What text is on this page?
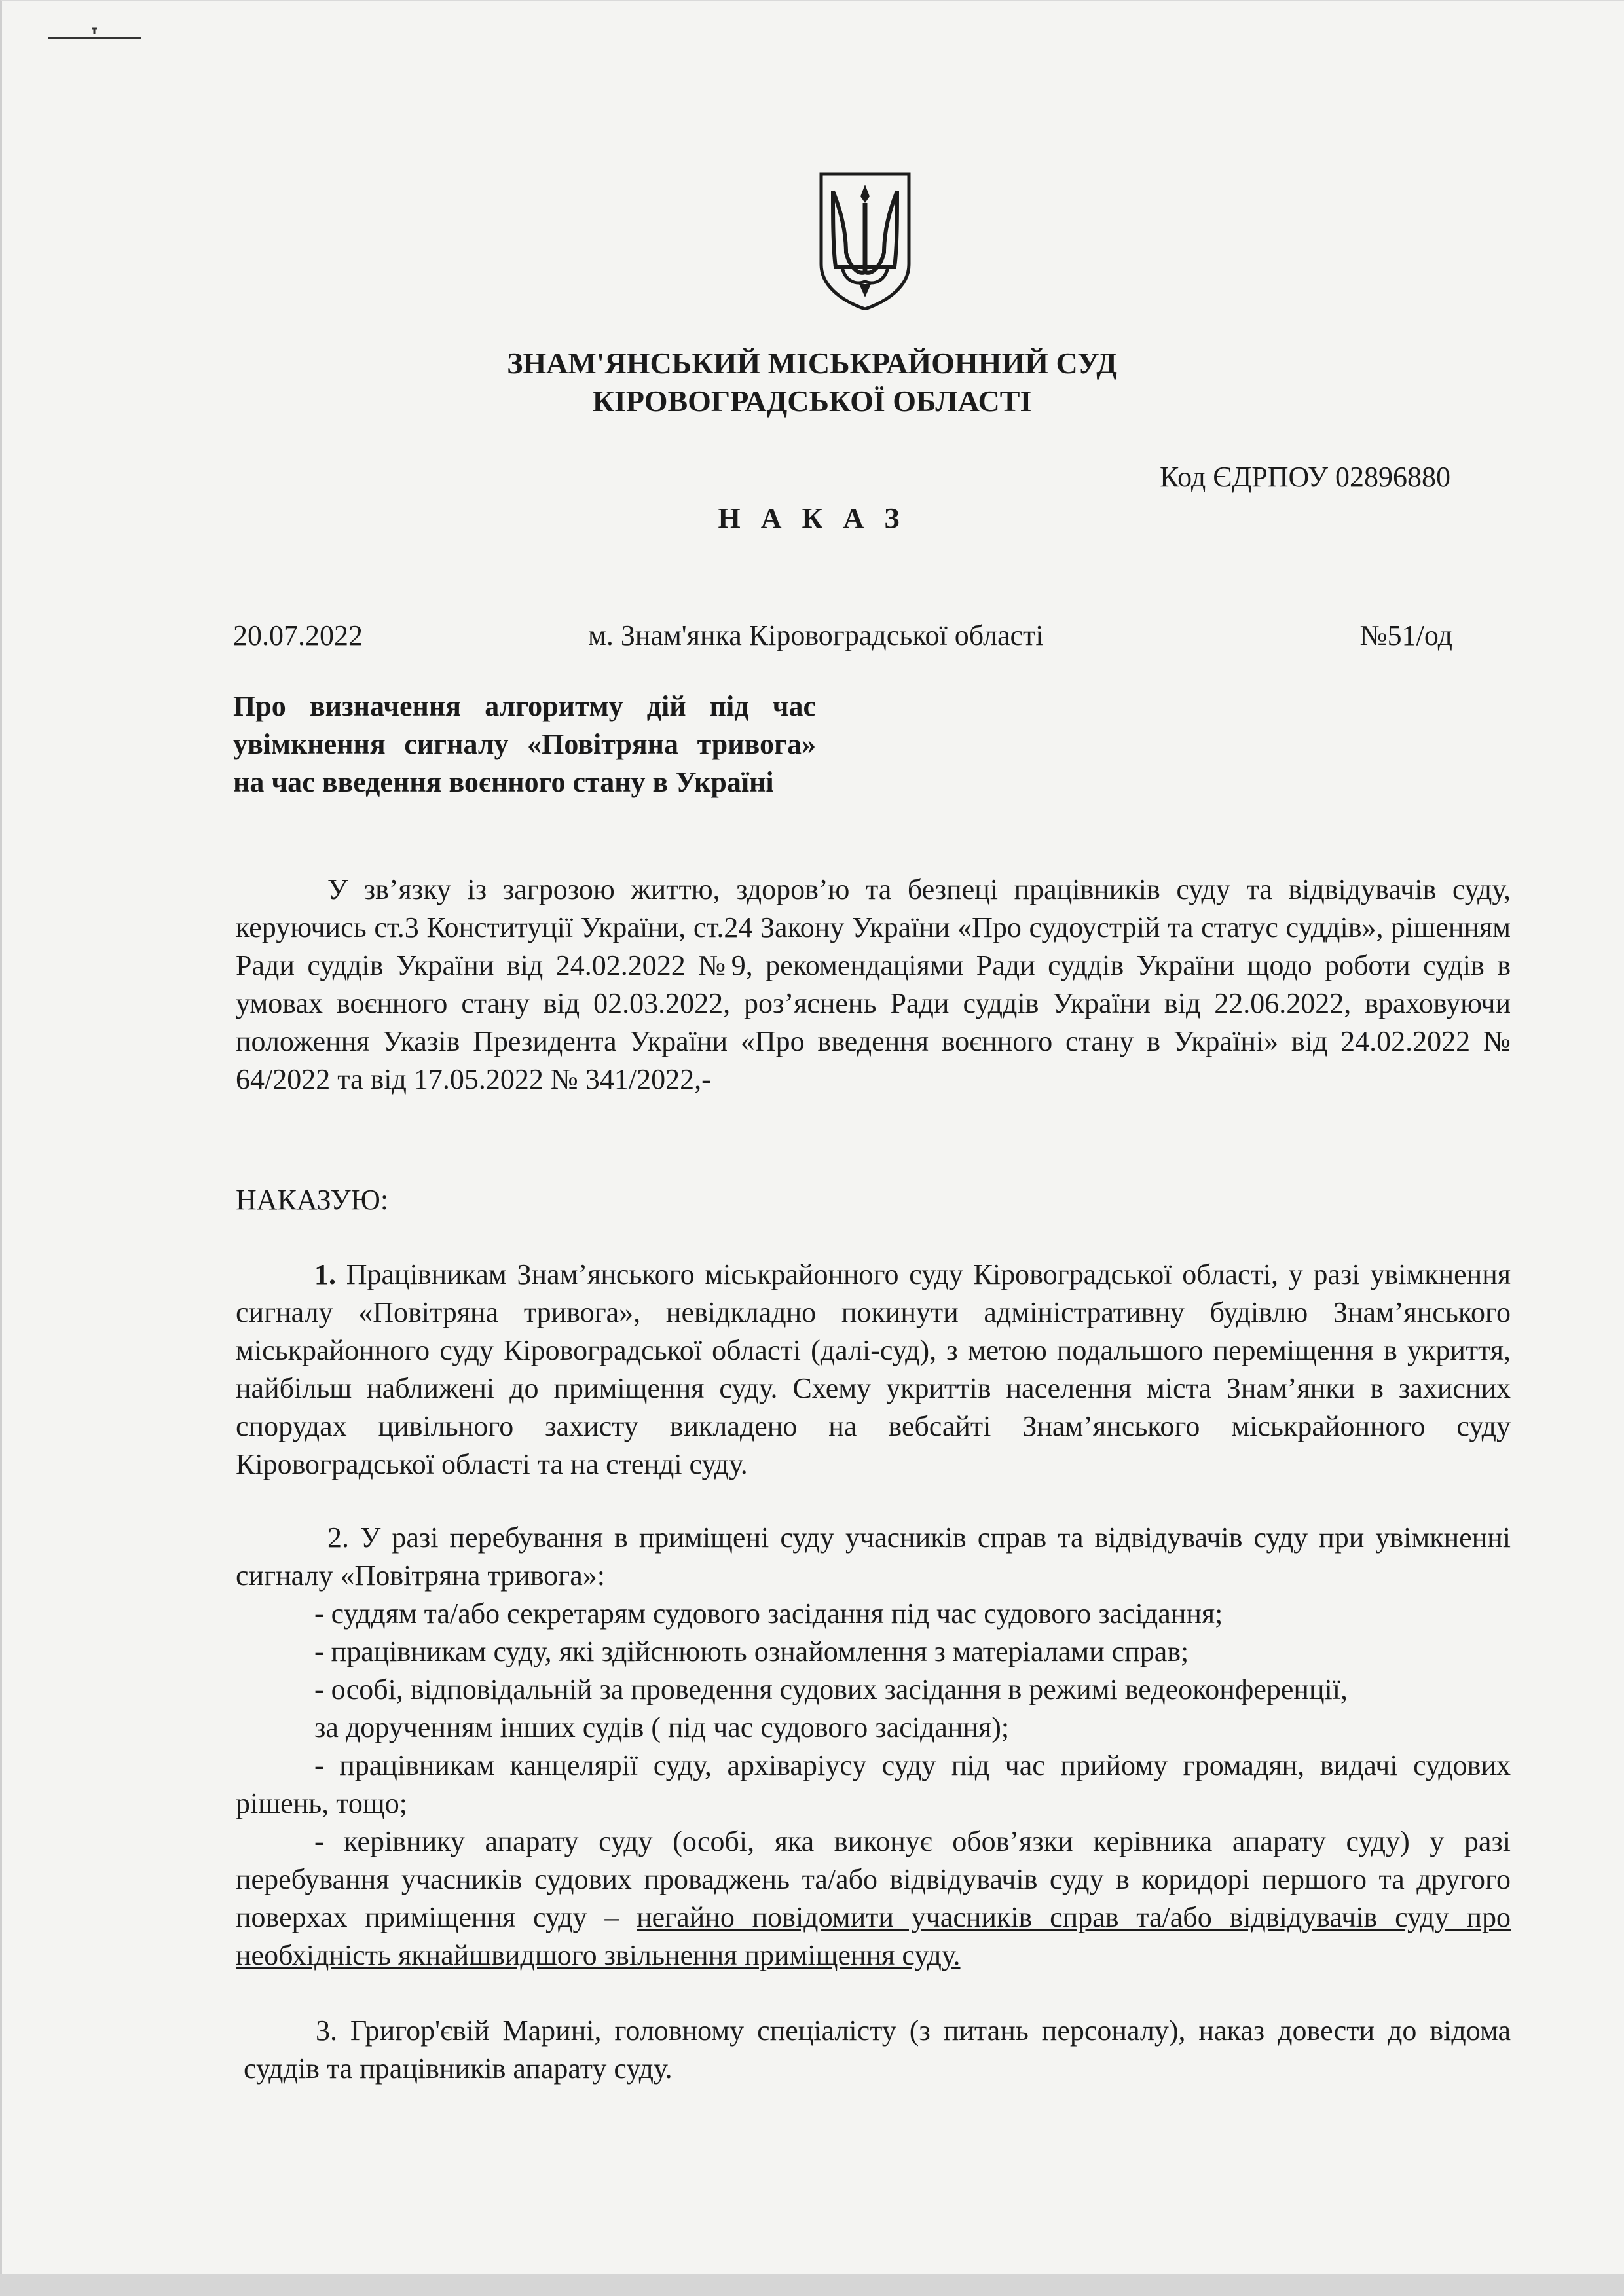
ЗНАМ'ЯНСЬКИЙ МІСЬКРАЙОННИЙ СУД
КІРОВОГРАДСЬКОЇ ОБЛАСТІ
Код ЄДРПОУ 02896880
Н А К А З
20.07.2022	м. Знам'янка Кіровоградської області	№51/од
Про визначення алгоритму дій під час увімкнення сигналу «Повітряна тривога» на час введення воєнного стану в Україні
У зв’язку із загрозою життю, здоров’ю та безпеці працівників суду та відвідувачів суду, керуючись ст.3 Конституції України, ст.24 Закону України «Про судоустрій та статус суддів», рішенням Ради суддів України від 24.02.2022 №9, рекомендаціями Ради суддів України щодо роботи судів в умовах воєнного стану від 02.03.2022, роз’яснень Ради суддів України від 22.06.2022, враховуючи положення Указів Президента України «Про введення воєнного стану в Україні» від 24.02.2022 № 64/2022 та від 17.05.2022 № 341/2022,-
НАКАЗУЮ:
1. Працівникам Знам’янського міськрайонного суду Кіровоградської області, у разі увімкнення сигналу «Повітряна тривога», невідкладно покинути адміністративну будівлю Знам’янського міськрайонного суду Кіровоградської області (далі-суд), з метою подальшого переміщення в укриття, найбільш наближені до приміщення суду. Схему укриттів населення міста Знам’янки в захисних спорудах цивільного захисту викладено на вебсайті Знам’янського міськрайонного суду Кіровоградської області та на стенді суду.
2. У разі перебування в приміщені суду учасників справ та відвідувачів суду при увімкненні сигналу «Повітряна тривога»:
- суддям та/або секретарям судового засідання під час судового засідання;
- працівникам суду, які здійснюють ознайомлення з матеріалами справ;
- особі, відповідальній за проведення судових засідання в режимі ведеоконференції,
за дорученням інших судів ( під час судового засідання);
- працівникам канцелярії суду, архіваріусу суду під час прийому громадян, видачі судових рішень, тощо;
- керівнику апарату суду (особі, яка виконує обов’язки керівника апарату суду) у разі перебування учасників судових проваджень та/або відвідувачів суду в коридорі першого та другого поверхах приміщення суду – негайно повідомити учасників справ та/або відвідувачів суду про необхідність якнайшвидшого звільнення приміщення суду.
3. Григор'євій Марині, головному спеціалісту (з питань персоналу), наказ довести до відома суддів та працівників апарату суду.
